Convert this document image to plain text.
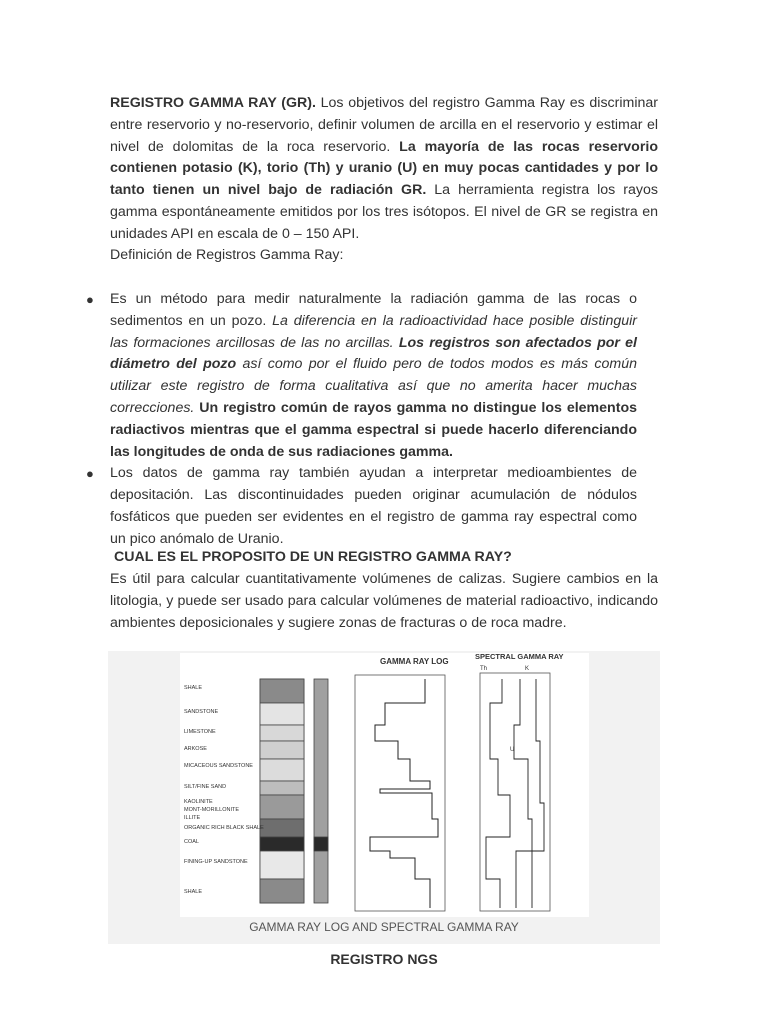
REGISTRO GAMMA RAY (GR). Los objetivos del registro Gamma Ray es discriminar entre reservorio y no-reservorio, definir volumen de arcilla en el reservorio y estimar el nivel de dolomitas de la roca reservorio. La mayoría de las rocas reservorio contienen potasio (K), torio (Th) y uranio (U) en muy pocas cantidades y por lo tanto tienen un nivel bajo de radiación GR. La herramienta registra los rayos gamma espontáneamente emitidos por los tres isótopos. El nivel de GR se registra en unidades API en escala de 0 – 150 API.

Definición de Registros Gamma Ray:

● Es un método para medir naturalmente la radiación gamma de las rocas o sedimentos en un pozo. La diferencia en la radioactividad hace posible distinguir las formaciones arcillosas de las no arcillas. Los registros son afectados por el diámetro del pozo así como por el fluido pero de todos modos es más común utilizar este registro de forma cualitativa así que no amerita hacer muchas correcciones. Un registro común de rayos gamma no distingue los elementos radiactivos mientras que el gamma espectral si puede hacerlo diferenciando las longitudes de onda de sus radiaciones gamma.
● Los datos de gamma ray también ayudan a interpretar medioambientes de depositación. Las discontinuidades pueden originar acumulación de nódulos fosfáticos que pueden ser evidentes en el registro de gamma ray espectral como un pico anómalo de Uranio.

CUAL ES EL PROPOSITO DE UN REGISTRO GAMMA RAY?

Es útil para calcular cuantitativamente volúmenes de calizas. Sugiere cambios en la litologia, y puede ser usado para calcular volúmenes de material radioactivo, indicando ambientes deposicionales y sugiere zonas de fracturas o de roca madre.

SHALE
SANDSTONE
LIMESTONE
ARKOSE
MICACEOUS SANDSTONE
SILT/FINE SAND
KAOLINITE
MONT-MORILLONITE
ILLITE
ORGANIC RICH BLACK SHALE
COAL
FINING-UP SANDSTONE
SHALE
GAMMA RAY LOG
SPECTRAL GAMMA RAY
Th	K
U
GAMMA RAY LOG AND SPECTRAL GAMMA RAY
REGISTRO NGS
